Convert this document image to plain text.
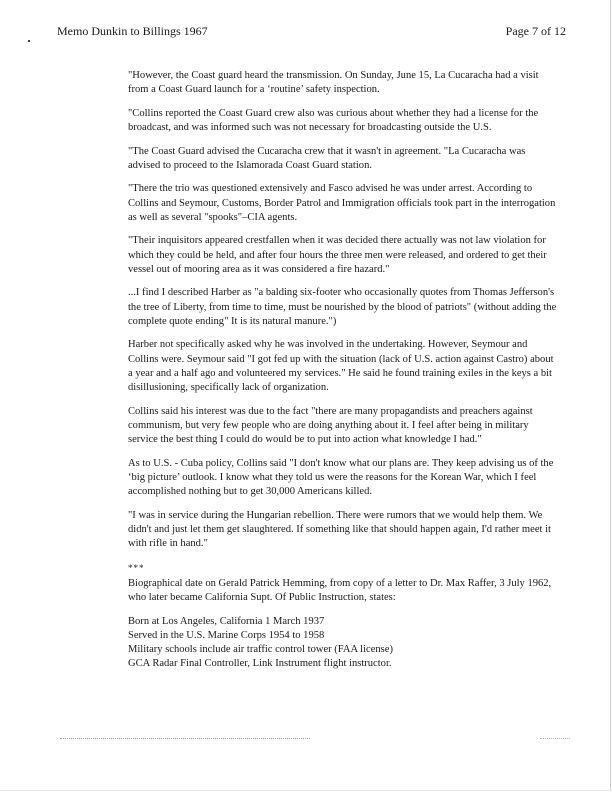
Memo Dunkin to Billings 1967	Page 7 of 12

"However, the Coast guard heard the transmission. On Sunday, June 15, La Cucaracha had a visit from a Coast Guard launch for a ‘routine’ safety inspection.

"Collins reported the Coast Guard crew also was curious about whether they had a license for the broadcast, and was informed such was not necessary for broadcasting outside the U.S.

"The Coast Guard advised the Cucaracha crew that it wasn't in agreement. "La Cucaracha was advised to proceed to the Islamorada Coast Guard station.

"There the trio was questioned extensively and Fasco advised he was under arrest. According to Collins and Seymour, Customs, Border Patrol and Immigration officials took part in the interrogation as well as several "spooks"–CIA agents.

"Their inquisitors appeared crestfallen when it was decided there actually was not law violation for which they could be held, and after four hours the three men were released, and ordered to get their vessel out of mooring area as it was considered a fire hazard."

...I find I described Harber as "a balding six-footer who occasionally quotes from Thomas Jefferson's the tree of Liberty, from time to time, must be nourished by the blood of patriots" (without adding the complete quote ending" It is its natural manure.")

Harber not specifically asked why he was involved in the undertaking. However, Seymour and Collins were. Seymour said "I got fed up with the situation (lack of U.S. action against Castro) about a year and a half ago and volunteered my services." He said he found training exiles in the keys a bit disillusioning, specifically lack of organization.

Collins said his interest was due to the fact "there are many propagandists and preachers against communism, but very few people who are doing anything about it. I feel after being in military service the best thing I could do would be to put into action what knowledge I had."

As to U.S. - Cuba policy, Collins said "I don't know what our plans are. They keep advising us of the ‘big picture’ outlook. I know what they told us were the reasons for the Korean War, which I feel accomplished nothing but to get 30,000 Americans killed.

"I was in service during the Hungarian rebellion. There were rumors that we would help them. We didn't and just let them get slaughtered. If something like that should happen again, I'd rather meet it with rifle in hand."

***

Biographical date on Gerald Patrick Hemming, from copy of a letter to Dr. Max Raffer, 3 July 1962, who later became California Supt. Of Public Instruction, states:

Born at Los Angeles, California 1 March 1937
Served in the U.S. Marine Corps 1954 to 1958
Military schools include air traffic control tower (FAA license)
GCA Radar Final Controller, Link Instrument flight instructor.
